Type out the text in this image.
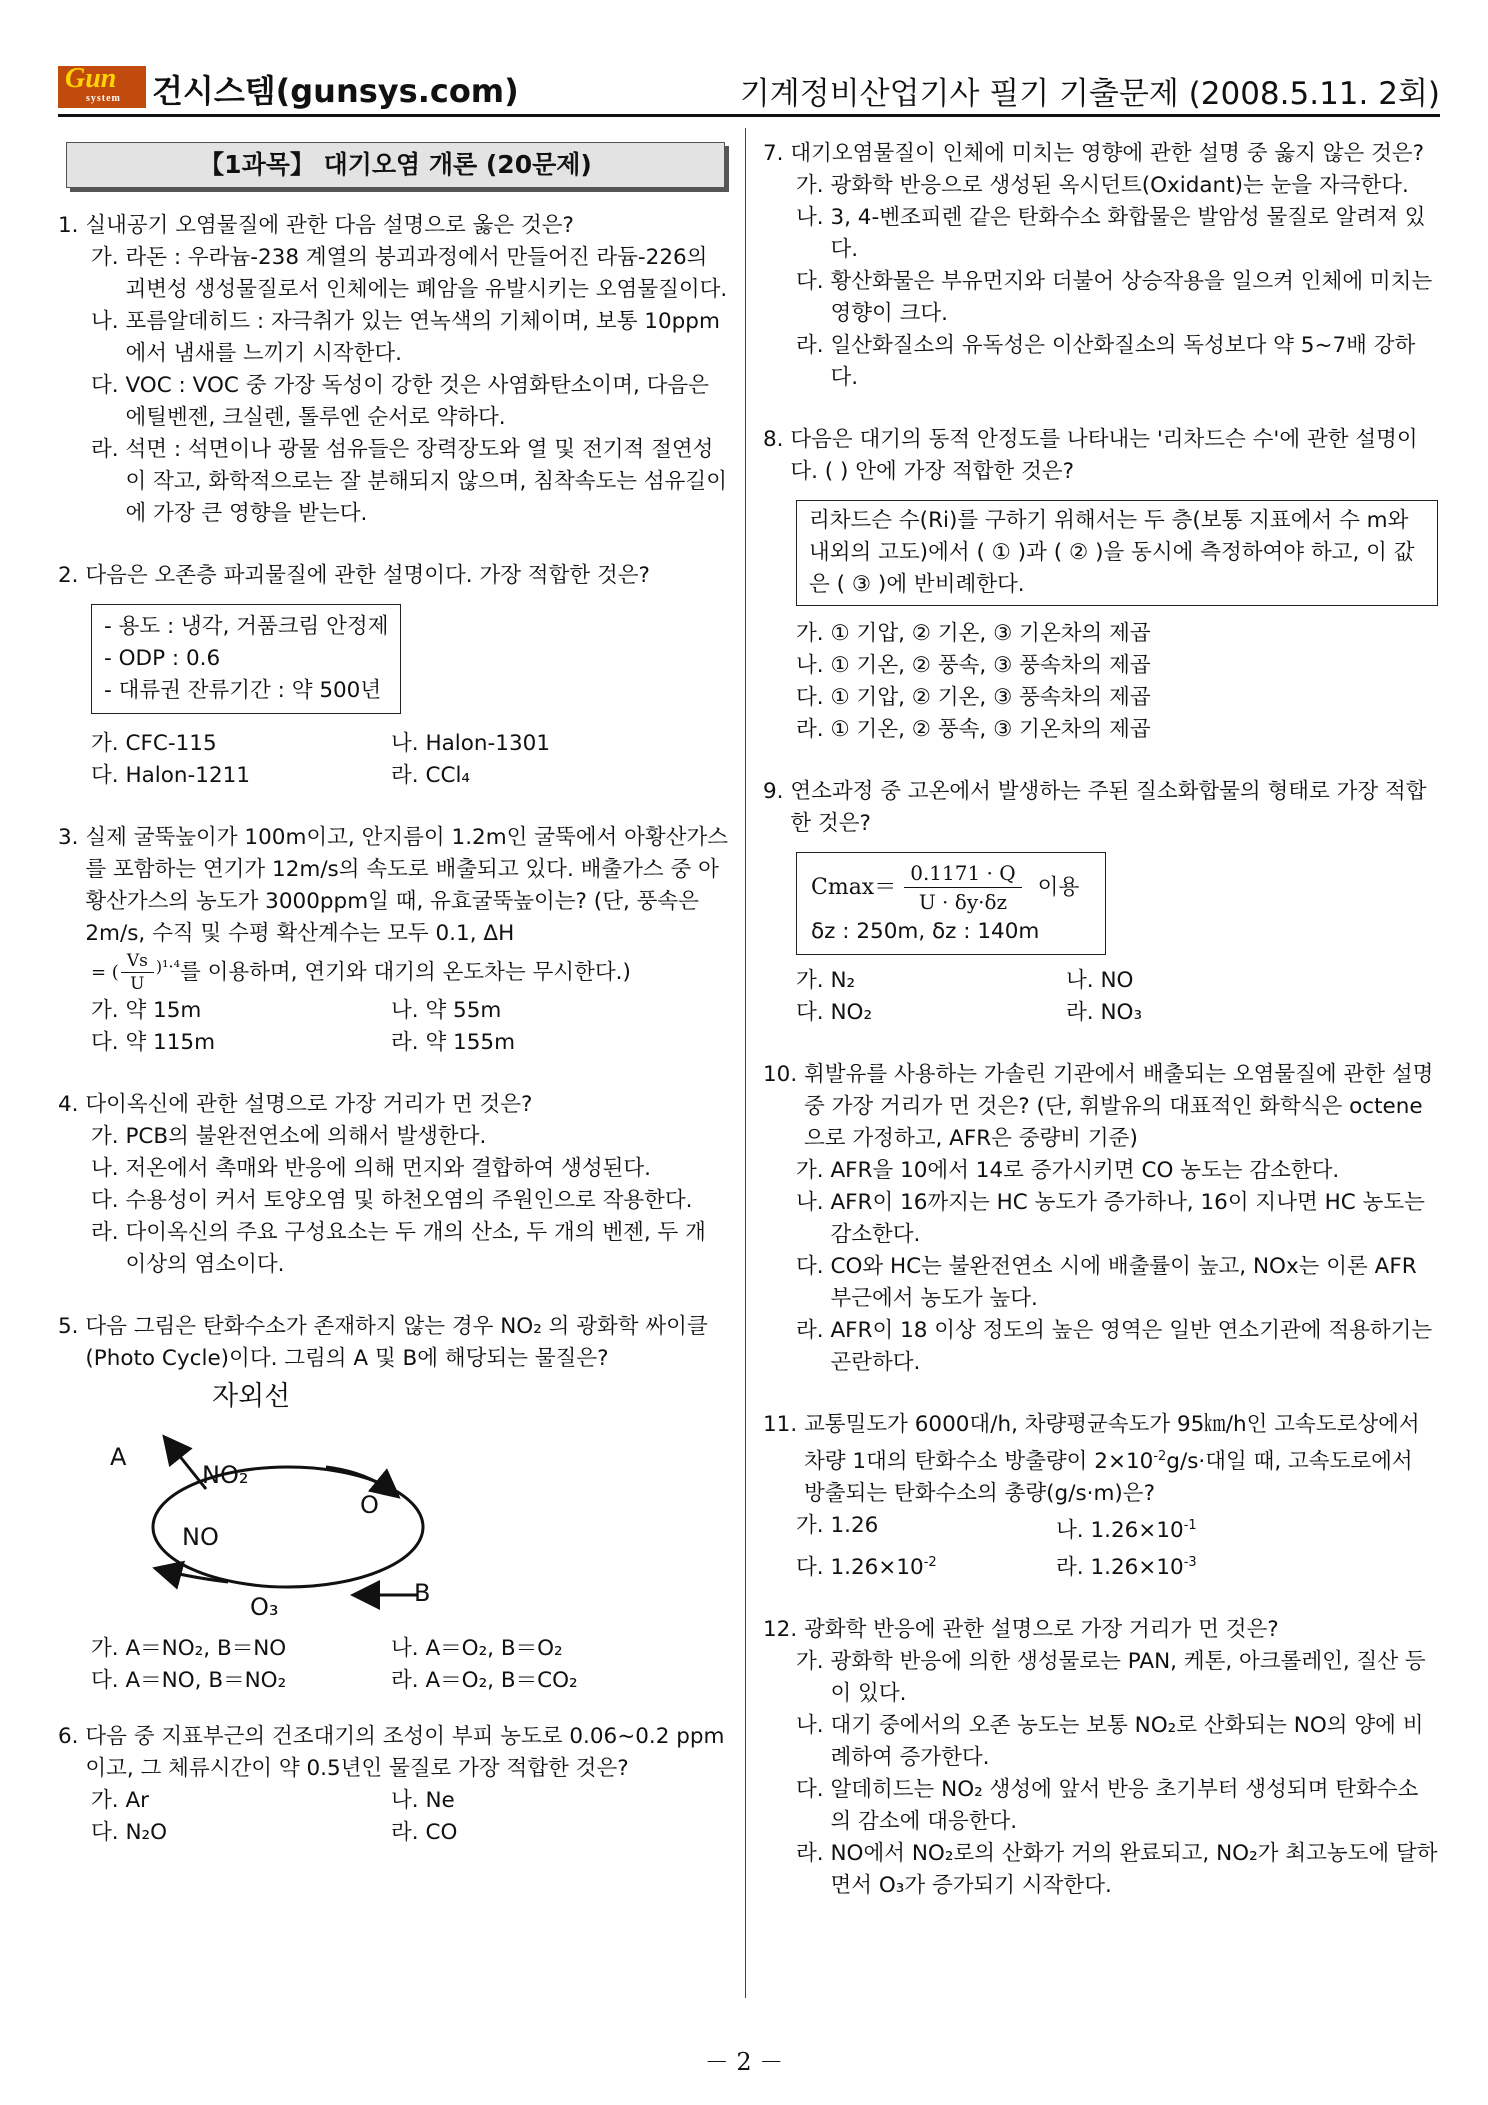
Gun
system 건시스템(gunsys.com)	기계정비산업기사 필기 기출문제 (2008.5.11. 2회)
【1과목】 대기오염 개론 (20문제)
1. 실내공기 오염물질에 관한 다음 설명으로 옳은 것은?
가. 라돈 : 우라늄-238 계열의 붕괴과정에서 만들어진 라듐-226의 괴변성 생성물질로서 인체에는 폐암을 유발시키는 오염물질이다.
나. 포름알데히드 : 자극취가 있는 연녹색의 기체이며, 보통 10ppm에서 냄새를 느끼기 시작한다.
다. VOC : VOC 중 가장 독성이 강한 것은 사염화탄소이며, 다음은 에틸벤젠, 크실렌, 톨루엔 순서로 약하다.
라. 석면 : 석면이나 광물 섬유들은 장력장도와 열 및 전기적 절연성이 작고, 화학적으로는 잘 분해되지 않으며, 침착속도는 섬유길이에 가장 큰 영향을 받는다.
2. 다음은 오존층 파괴물질에 관한 설명이다. 가장 적합한 것은?
- 용도 : 냉각, 거품크림 안정제
- ODP : 0.6
- 대류권 잔류기간 : 약 500년
가. CFC-115	나. Halon-1301
다. Halon-1211	라. CCl₄
3. 실제 굴뚝높이가 100m이고, 안지름이 1.2m인 굴뚝에서 아황산가스를 포함하는 연기가 12m/s의 속도로 배출되고 있다. 배출가스 중 아황산가스의 농도가 3000ppm일 때, 유효굴뚝높이는? (단, 풍속은 2m/s, 수직 및 수평 확산계수는 모두 0.1, ΔH
= ( $\frac{Vs}{U} )^1\cdot^4$ 를 이용하며, 연기와 대기의 온도차는 무시한다.)
가. 약 15m	나. 약 55m
다. 약 115m	라. 약 155m
4. 다이옥신에 관한 설명으로 가장 거리가 먼 것은?
가. PCB의 불완전연소에 의해서 발생한다.
나. 저온에서 촉매와 반응에 의해 먼지와 결합하여 생성된다.
다. 수용성이 커서 토양오염 및 하천오염의 주원인으로 작용한다.
라. 다이옥신의 주요 구성요소는 두 개의 산소, 두 개의 벤젠, 두 개 이상의 염소이다.
5. 다음 그림은 탄화수소가 존재하지 않는 경우 NO₂ 의 광화학 싸이클(Photo Cycle)이다. 그림의 A 및 B에 해당되는 물질은?
자외선
A
NO₂
O
NO
B
O₃
가. A＝NO₂, B＝NO	나. A＝O₂, B＝O₂
다. A＝NO, B＝NO₂	라. A＝O₂, B＝CO₂
6. 다음 중 지표부근의 건조대기의 조성이 부피 농도로 0.06~0.2 ppm이고, 그 체류시간이 약 0.5년인 물질로 가장 적합한 것은?
가. Ar	나. Ne
다. N₂O	라. CO
7. 대기오염물질이 인체에 미치는 영향에 관한 설명 중 옳지 않은 것은?
가. 광화학 반응으로 생성된 옥시던트(Oxidant)는 눈을 자극한다.
나. 3, 4-벤조피렌 같은 탄화수소 화합물은 발암성 물질로 알려져 있다.
다. 황산화물은 부유먼지와 더불어 상승작용을 일으켜 인체에 미치는 영향이 크다.
라. 일산화질소의 유독성은 이산화질소의 독성보다 약 5~7배 강하다.
8. 다음은 대기의 동적 안정도를 나타내는 '리차드슨 수'에 관한 설명이다. ( ) 안에 가장 적합한 것은?
리차드슨 수(Ri)를 구하기 위해서는 두 층(보통 지표에서 수 m와 내외의 고도)에서 ( ① )과 ( ② )을 동시에 측정하여야 하고, 이 값은 ( ③ )에 반비례한다.
가. ① 기압, ② 기온, ③ 기온차의 제곱
나. ① 기온, ② 풍속, ③ 풍속차의 제곱
다. ① 기압, ② 기온, ③ 풍속차의 제곱
라. ① 기온, ② 풍속, ③ 기온차의 제곱
9. 연소과정 중 고온에서 발생하는 주된 질소화합물의 형태로 가장 적합한 것은?
$Cmax= \frac{0.1171 \cdot Q}{U \cdot \delta y\cdot\delta z}$ 이용
δz : 250m, δz : 140m
가. N₂	나. NO
다. NO₂	라. NO₃
10. 휘발유를 사용하는 가솔린 기관에서 배출되는 오염물질에 관한 설명 중 가장 거리가 먼 것은? (단, 휘발유의 대표적인 화학식은 octene으로 가정하고, AFR은 중량비 기준)
가. AFR을 10에서 14로 증가시키면 CO 농도는 감소한다.
나. AFR이 16까지는 HC 농도가 증가하나, 16이 지나면 HC 농도는 감소한다.
다. CO와 HC는 불완전연소 시에 배출률이 높고, NOx는 이론 AFR 부근에서 농도가 높다.
라. AFR이 18 이상 정도의 높은 영역은 일반 연소기관에 적용하기는 곤란하다.
11. 교통밀도가 6000대/h, 차량평균속도가 95㎞/h인 고속도로상에서 차량 1대의 탄화수소 방출량이 $2\times 10^{-2}g/s\cdot$대일 때, 고속도로에서 방출되는 탄화수소의 총량(g/s·m)은?
가. 1.26	나. $1.26\times 10^{-1}$
다. $1.26\times 10^{-2}$	라. $1.26\times 10^{-3}$
12. 광화학 반응에 관한 설명으로 가장 거리가 먼 것은?
가. 광화학 반응에 의한 생성물로는 PAN, 케톤, 아크롤레인, 질산 등이 있다.
나. 대기 중에서의 오존 농도는 보통 NO₂로 산화되는 NO의 양에 비례하여 증가한다.
다. 알데히드는 NO₂ 생성에 앞서 반응 초기부터 생성되며 탄화수소의 감소에 대응한다.
라. NO에서 NO₂로의 산화가 거의 완료되고, NO₂가 최고농도에 달하면서 O₃가 증가되기 시작한다.
－ 2 －
